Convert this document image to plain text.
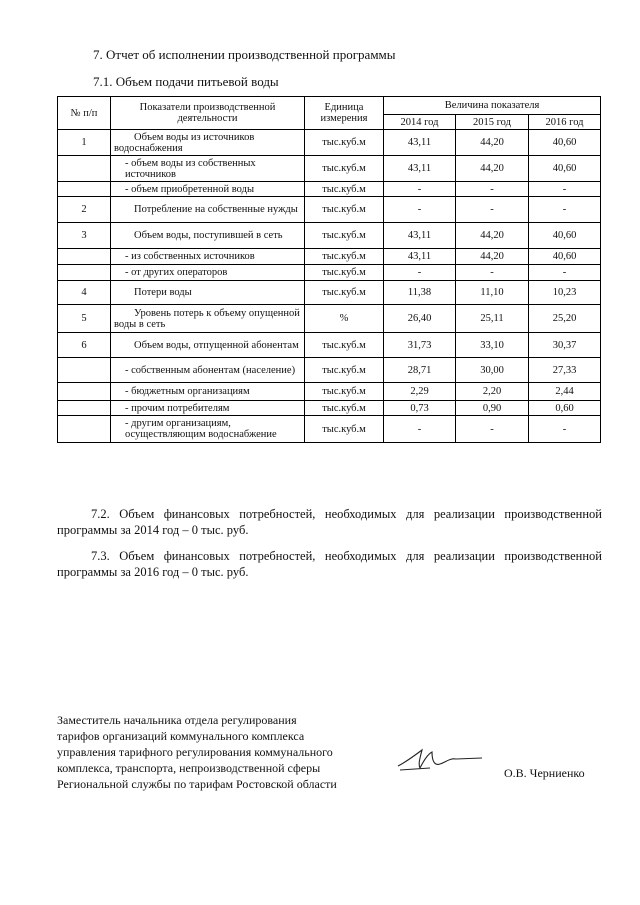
7. Отчет об исполнении производственной программы
7.1. Объем подачи питьевой воды
№ п/п	Показатели производственной деятельности	Единица измерения	Величина показателя		
			2014 год	2015 год	2016 год
1	Объем воды из источников водоснабжения	тыс.куб.м	43,11	44,20	40,60
	- объем воды из собственных источников	тыс.куб.м	43,11	44,20	40,60
	- объем приобретенной воды	тыс.куб.м	-	-	-
2	Потребление на собственные нужды	тыс.куб.м	-	-	-
3	Объем воды, поступившей в сеть	тыс.куб.м	43,11	44,20	40,60
	- из собственных источников	тыс.куб.м	43,11	44,20	40,60
	- от других операторов	тыс.куб.м	-	-	-
4	Потери воды	тыс.куб.м	11,38	11,10	10,23
5	Уровень потерь к объему опущенной воды в сеть	%	26,40	25,11	25,20
6	Объем воды, отпущенной абонентам	тыс.куб.м	31,73	33,10	30,37
	- собственным абонентам (население)	тыс.куб.м	28,71	30,00	27,33
	- бюджетным организациям	тыс.куб.м	2,29	2,20	2,44
	- прочим потребителям	тыс.куб.м	0,73	0,90	0,60
	- другим организациям, осуществляющим водоснабжение	тыс.куб.м	-	-	-
7.2. Объем финансовых потребностей, необходимых для реализации производственной программы за 2014 год – 0 тыс. руб.
7.3. Объем финансовых потребностей, необходимых для реализации производственной программы за 2016 год – 0 тыс. руб.
Заместитель начальника отдела регулирования
тарифов организаций коммунального комплекса
управления тарифного регулирования коммунального
комплекса, транспорта, непроизводственной сферы
Региональной службы по тарифам Ростовской области
О.В. Черниенко
